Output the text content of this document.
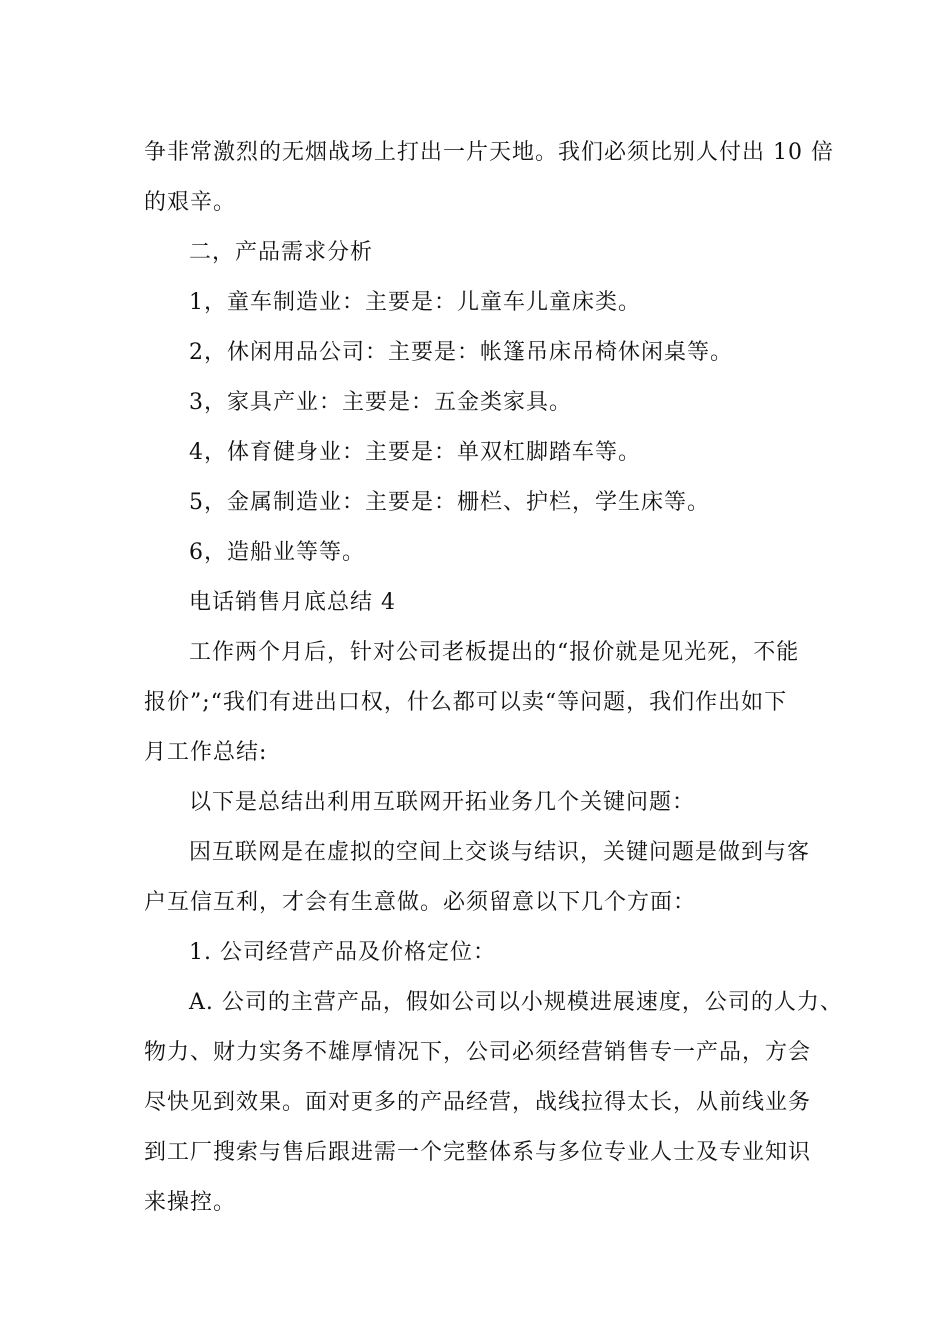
争非常激烈的无烟战场上打出一片天地。我们必须比别人付出 10 倍
的艰辛。
二，产品需求分析
1，童车制造业：主要是：儿童车儿童床类。
2，休闲用品公司：主要是：帐篷吊床吊椅休闲桌等。
3，家具产业：主要是：五金类家具。
4，体育健身业：主要是：单双杠脚踏车等。
5，金属制造业：主要是：栅栏、护栏，学生床等。
6，造船业等等。
电话销售月底总结 4
工作两个月后，针对公司老板提出的“报价就是见光死，不能
报价”;“我们有进出口权，什么都可以卖“等问题，我们作出如下
月工作总结:
以下是总结出利用互联网开拓业务几个关键问题：
因互联网是在虚拟的空间上交谈与结识，关键问题是做到与客
户互信互利，才会有生意做。必须留意以下几个方面：
1. 公司经营产品及价格定位：
A. 公司的主营产品，假如公司以小规模进展速度，公司的人力、
物力、财力实务不雄厚情况下，公司必须经营销售专一产品，方会
尽快见到效果。面对更多的产品经营，战线拉得太长，从前线业务
到工厂搜索与售后跟进需一个完整体系与多位专业人士及专业知识
来操控。
